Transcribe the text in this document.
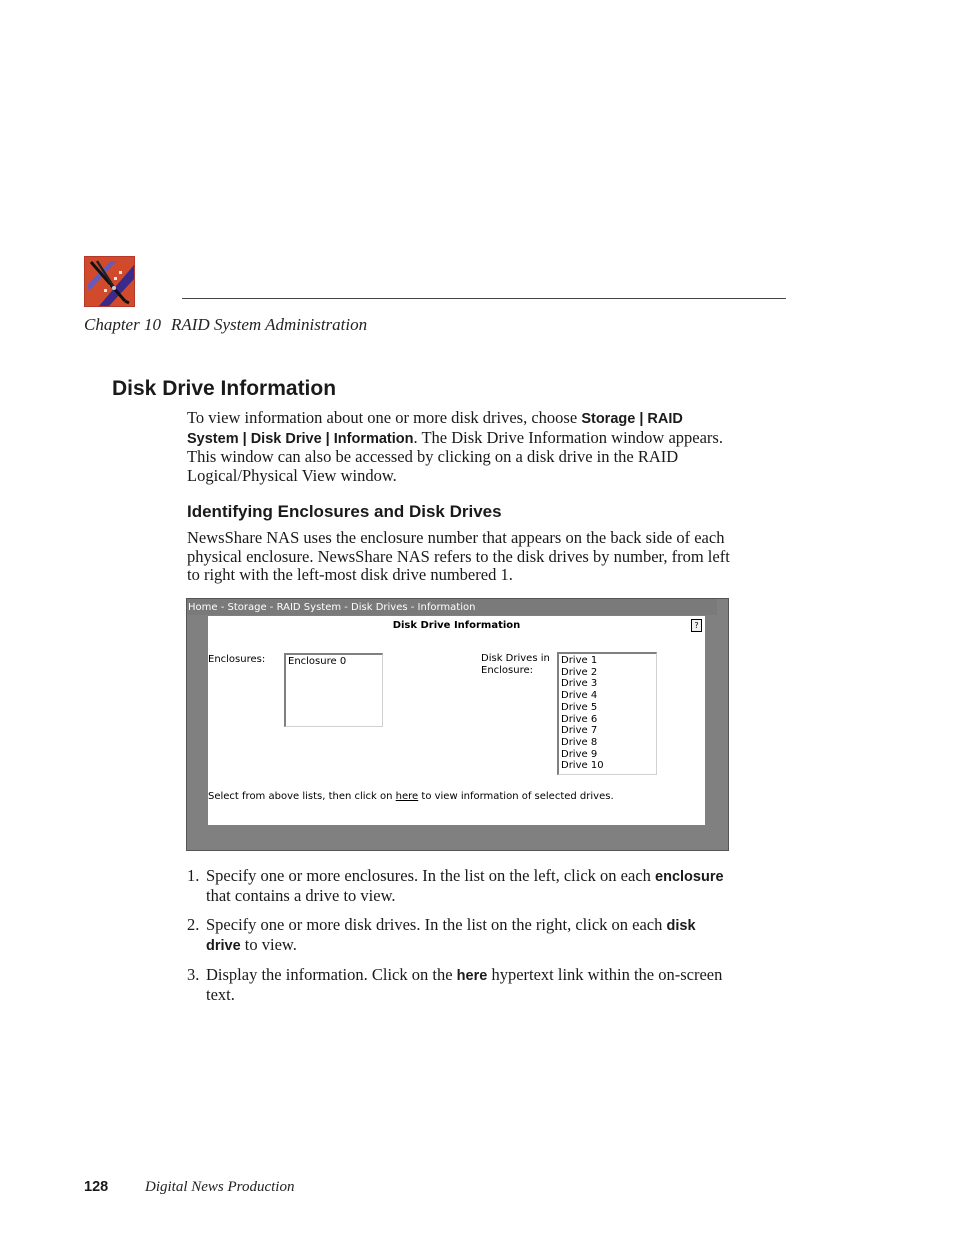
Chapter 10 RAID System Administration
Disk Drive Information
To view information about one or more disk drives, choose Storage | RAID System | Disk Drive | Information. The Disk Drive Information window appears. This window can also be accessed by clicking on a disk drive in the RAID Logical/Physical View window.
Identifying Enclosures and Disk Drives
NewsShare NAS uses the enclosure number that appears on the back side of each physical enclosure. NewsShare NAS refers to the disk drives by number, from left to right with the left-most disk drive numbered 1.
Home - Storage - RAID System - Disk Drives - Information
Disk Drive Information	?
Enclosures: Enclosure 0	Disk Drives in
Enclosure:
Drive 1
Drive 2
Drive 3
Drive 4
Drive 5
Drive 6
Drive 7
Drive 8
Drive 9
Drive 10
Select from above lists, then click on here to view information of selected drives.
1. Specify one or more enclosures. In the list on the left, click on each enclosure that contains a drive to view.
2. Specify one or more disk drives. In the list on the right, click on each disk drive to view.
3. Display the information. Click on the here hypertext link within the on-screen text.
128 Digital News Production
